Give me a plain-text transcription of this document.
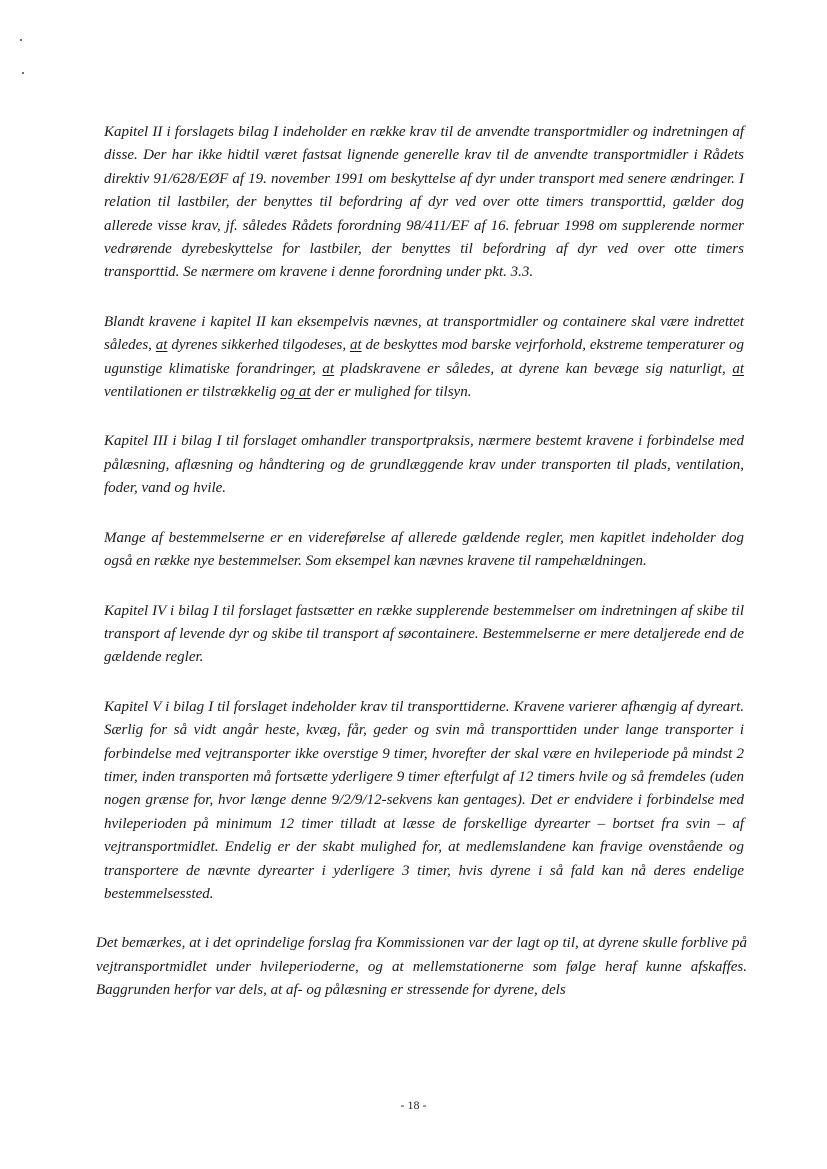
Kapitel II i forslagets bilag I indeholder en række krav til de anvendte transportmidler og indretningen af disse. Der har ikke hidtil været fastsat lignende generelle krav til de anvendte transportmidler i Rådets direktiv 91/628/EØF af 19. november 1991 om beskyttelse af dyr under transport med senere ændringer. I relation til lastbiler, der benyttes til befordring af dyr ved over otte timers transporttid, gælder dog allerede visse krav, jf. således Rådets forordning 98/411/EF af 16. februar 1998 om supplerende normer vedrørende dyrebeskyttelse for lastbiler, der benyttes til befordring af dyr ved over otte timers transporttid. Se nærmere om kravene i denne forordning under pkt. 3.3.

Blandt kravene i kapitel II kan eksempelvis nævnes, at transportmidler og containere skal være indrettet således, at dyrenes sikkerhed tilgodeses, at de beskyttes mod barske vejrforhold, ekstreme temperaturer og ugunstige klimatiske forandringer, at pladskravene er således, at dyrene kan bevæge sig naturligt, at ventilationen er tilstrækkelig og at der er mulighed for tilsyn.

Kapitel III i bilag I til forslaget omhandler transportpraksis, nærmere bestemt kravene i forbindelse med pålæsning, aflæsning og håndtering og de grundlæggende krav under transporten til plads, ventilation, foder, vand og hvile.

Mange af bestemmelserne er en videreførelse af allerede gældende regler, men kapitlet indeholder dog også en række nye bestemmelser. Som eksempel kan nævnes kravene til rampehældningen.

Kapitel IV i bilag I til forslaget fastsætter en række supplerende bestemmelser om indretningen af skibe til transport af levende dyr og skibe til transport af søcontainere. Bestemmelserne er mere detaljerede end de gældende regler.

Kapitel V i bilag I til forslaget indeholder krav til transporttiderne. Kravene varierer afhængig af dyreart. Særlig for så vidt angår heste, kvæg, får, geder og svin må transporttiden under lange transporter i forbindelse med vejtransporter ikke overstige 9 timer, hvorefter der skal være en hvileperiode på mindst 2 timer, inden transporten må fortsætte yderligere 9 timer efterfulgt af 12 timers hvile og så fremdeles (uden nogen grænse for, hvor længe denne 9/2/9/12-sekvens kan gentages). Det er endvidere i forbindelse med hvileperioden på minimum 12 timer tilladt at læsse de forskellige dyrearter – bortset fra svin – af vejtransportmidlet. Endelig er der skabt mulighed for, at medlemslandene kan fravige ovenstående og transportere de nævnte dyrearter i yderligere 3 timer, hvis dyrene i så fald kan nå deres endelige bestemmelsessted.

Det bemærkes, at i det oprindelige forslag fra Kommissionen var der lagt op til, at dyrene skulle forblive på vejtransportmidlet under hvileperioderne, og at mellemstationerne som følge heraf kunne afskaffes. Baggrunden herfor var dels, at af- og pålæsning er stressende for dyrene, dels

- 18 -
